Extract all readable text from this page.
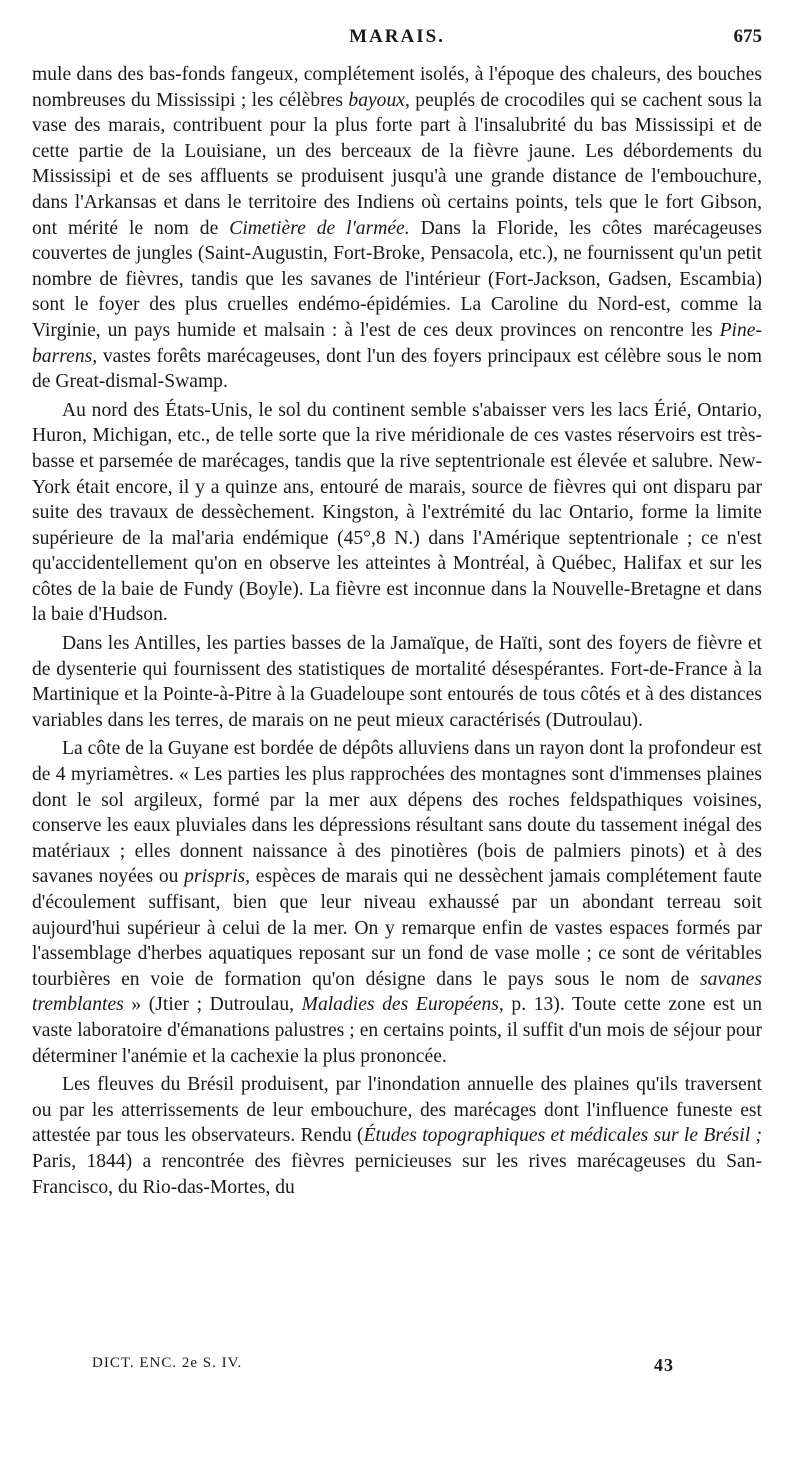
MARAIS.	675

mule dans des bas-fonds fangeux, complétement isolés, à l'époque des chaleurs, des bouches nombreuses du Mississipi ; les célèbres bayoux, peuplés de crocodiles qui se cachent sous la vase des marais, contribuent pour la plus forte part à l'insalubrité du bas Mississipi et de cette partie de la Louisiane, un des berceaux de la fièvre jaune. Les débordements du Mississipi et de ses affluents se produisent jusqu'à une grande distance de l'embouchure, dans l'Arkansas et dans le territoire des Indiens où certains points, tels que le fort Gibson, ont mérité le nom de Cimetière de l'armée. Dans la Floride, les côtes marécageuses couvertes de jungles (Saint-Augustin, Fort-Broke, Pensacola, etc.), ne fournissent qu'un petit nombre de fièvres, tandis que les savanes de l'intérieur (Fort-Jackson, Gadsen, Escambia) sont le foyer des plus cruelles endémo-épidémies. La Caroline du Nord-est, comme la Virginie, un pays humide et malsain : à l'est de ces deux provinces on rencontre les Pine-barrens, vastes forêts marécageuses, dont l'un des foyers principaux est célèbre sous le nom de Great-dismal-Swamp.

Au nord des États-Unis, le sol du continent semble s'abaisser vers les lacs Érié, Ontario, Huron, Michigan, etc., de telle sorte que la rive méridionale de ces vastes réservoirs est très-basse et parsemée de marécages, tandis que la rive septentrionale est élevée et salubre. New-York était encore, il y a quinze ans, entouré de marais, source de fièvres qui ont disparu par suite des travaux de dessèchement. Kingston, à l'extrémité du lac Ontario, forme la limite supérieure de la mal'aria endémique (45°,8 N.) dans l'Amérique septentrionale ; ce n'est qu'accidentellement qu'on en observe les atteintes à Montréal, à Québec, Halifax et sur les côtes de la baie de Fundy (Boyle). La fièvre est inconnue dans la Nouvelle-Bretagne et dans la baie d'Hudson.

Dans les Antilles, les parties basses de la Jamaïque, de Haïti, sont des foyers de fièvre et de dysenterie qui fournissent des statistiques de mortalité désespérantes. Fort-de-France à la Martinique et la Pointe-à-Pitre à la Guadeloupe sont entourés de tous côtés et à des distances variables dans les terres, de marais on ne peut mieux caractérisés (Dutroulau).

La côte de la Guyane est bordée de dépôts alluviens dans un rayon dont la profondeur est de 4 myriamètres. « Les parties les plus rapprochées des montagnes sont d'immenses plaines dont le sol argileux, formé par la mer aux dépens des roches feldspathiques voisines, conserve les eaux pluviales dans les dépressions résultant sans doute du tassement inégal des matériaux ; elles donnent naissance à des pinotières (bois de palmiers pinots) et à des savanes noyées ou prispris, espèces de marais qui ne dessèchent jamais complétement faute d'écoulement suffisant, bien que leur niveau exhaussé par un abondant terreau soit aujourd'hui supérieur à celui de la mer. On y remarque enfin de vastes espaces formés par l'assemblage d'herbes aquatiques reposant sur un fond de vase molle ; ce sont de véritables tourbières en voie de formation qu'on désigne dans le pays sous le nom de savanes tremblantes » (Jtier ; Dutroulau, Maladies des Européens, p. 13). Toute cette zone est un vaste laboratoire d'émanations palustres ; en certains points, il suffit d'un mois de séjour pour déterminer l'anémie et la cachexie la plus prononcée.

Les fleuves du Brésil produisent, par l'inondation annuelle des plaines qu'ils traversent ou par les atterrissements de leur embouchure, des marécages dont l'influence funeste est attestée par tous les observateurs. Rendu (Études topographiques et médicales sur le Brésil ; Paris, 1844) a rencontrée des fièvres pernicieuses sur les rives marécageuses du San-Francisco, du Rio-das-Mortes, du

DICT. ENC. 2e S. IV.	43
